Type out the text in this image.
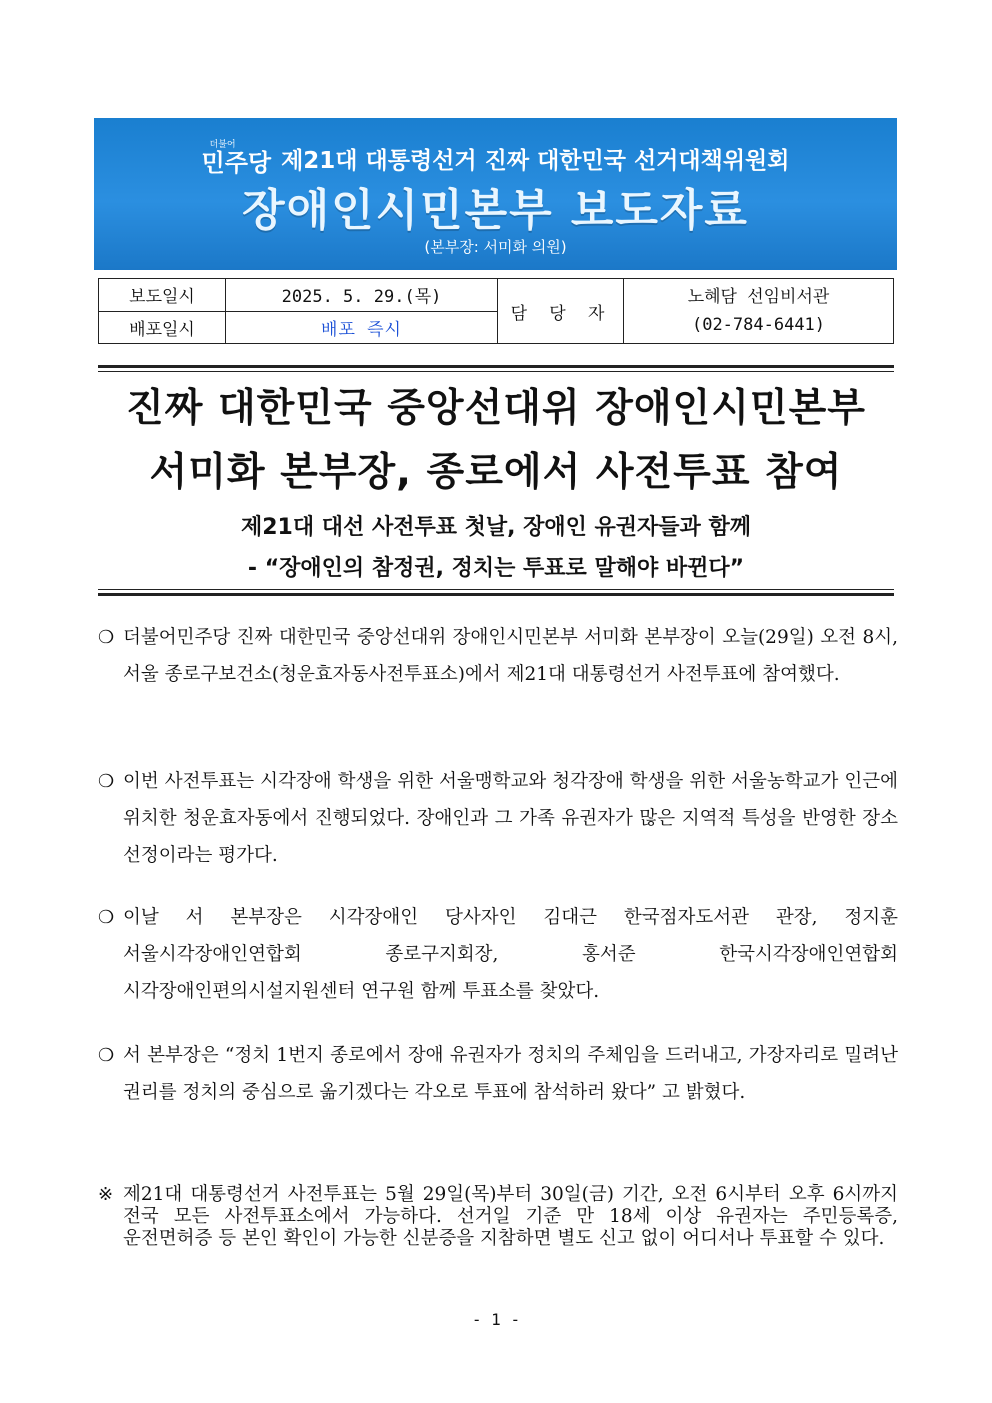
더불어
민주당 제21대 대통령선거 진짜 대한민국 선거대책위원회
장애인시민본부 보도자료
(본부장: 서미화 의원)
보도일시	2025. 5. 29.(목)	담 당 자	노혜담 선임비서관
(02-784-6441)

배포일시	배포 즉시		
진짜 대한민국 중앙선대위 장애인시민본부
서미화 본부장, 종로에서 사전투표 참여
제21대 대선 사전투표 첫날, 장애인 유권자들과 함께
- “장애인의 참정권, 정치는 투표로 말해야 바뀐다”
❍ 더불어민주당 진짜 대한민국 중앙선대위 장애인시민본부 서미화 본부장이 오늘(29일) 오전 8시, 서울 종로구보건소(청운효자동사전투표소)에서 제21대 대통령선거 사전투표에 참여했다.
❍ 이번 사전투표는 시각장애 학생을 위한 서울맹학교와 청각장애 학생을 위한 서울농학교가 인근에 위치한 청운효자동에서 진행되었다. 장애인과 그 가족 유권자가 많은 지역적 특성을 반영한 장소 선정이라는 평가다.
❍ 이날 서 본부장은 시각장애인 당사자인 김대근 한국점자도서관 관장, 정지훈 서울시각장애인연합회 종로구지회장, 홍서준 한국시각장애인연합회 시각장애인편의시설지원센터 연구원 함께 투표소를 찾았다.
❍ 서 본부장은 “정치 1번지 종로에서 장애 유권자가 정치의 주체임을 드러내고, 가장자리로 밀려난 권리를 정치의 중심으로 옮기겠다는 각오로 투표에 참석하러 왔다” 고 밝혔다.
※ 제21대 대통령선거 사전투표는 5월 29일(목)부터 30일(금) 기간, 오전 6시부터 오후 6시까지 전국 모든 사전투표소에서 가능하다. 선거일 기준 만 18세 이상 유권자는 주민등록증, 운전면허증 등 본인 확인이 가능한 신분증을 지참하면 별도 신고 없이 어디서나 투표할 수 있다.
- 1 -
